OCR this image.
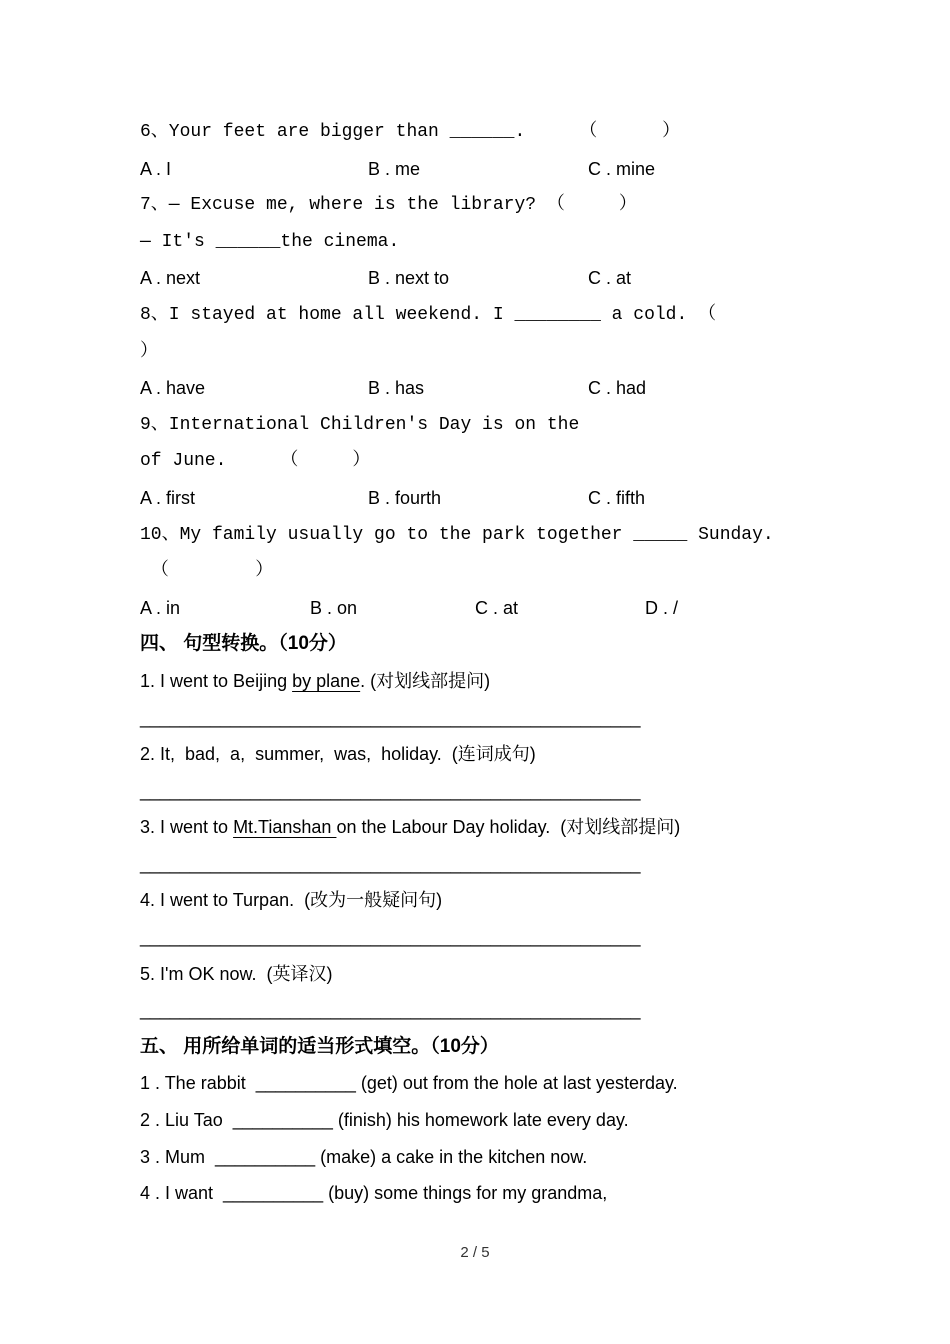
6、Your feet are bigger than ______.     （      ）
A . I	B . me	C . mine
7、— Excuse me, where is the library? （     ）
— It's ______the cinema.
A . next	B . next to	C . at
8、I stayed at home all weekend. I ________ a cold. （
）
A . have	B . has	C . had
9、International Children's Day is on the
of June.     （     ）
A . first	B . fourth	C . fifth
10、My family usually go to the park together _____ Sunday.
（        ）
A . in	B . on	C . at	D . /
四、 句型转换。（10分）
1. I went to Beijing by plane. (对划线部提问)
__________________________________________________
2. It,  bad,  a,  summer,  was,  holiday.  (连词成句)
__________________________________________________
3. I went to Mt.Tianshan on the Labour Day holiday.  (对划线部提问)
__________________________________________________
4. I went to Turpan.  (改为一般疑问句)
__________________________________________________
5. I'm OK now.  (英译汉)
__________________________________________________
五、 用所给单词的适当形式填空。（10分）
1 . The rabbit  __________ (get) out from the hole at last yesterday.
2 . Liu Tao  __________ (finish) his homework late every day.
3 . Mum  __________ (make) a cake in the kitchen now.
4 . I want  __________ (buy) some things for my grandma,
2 / 5
